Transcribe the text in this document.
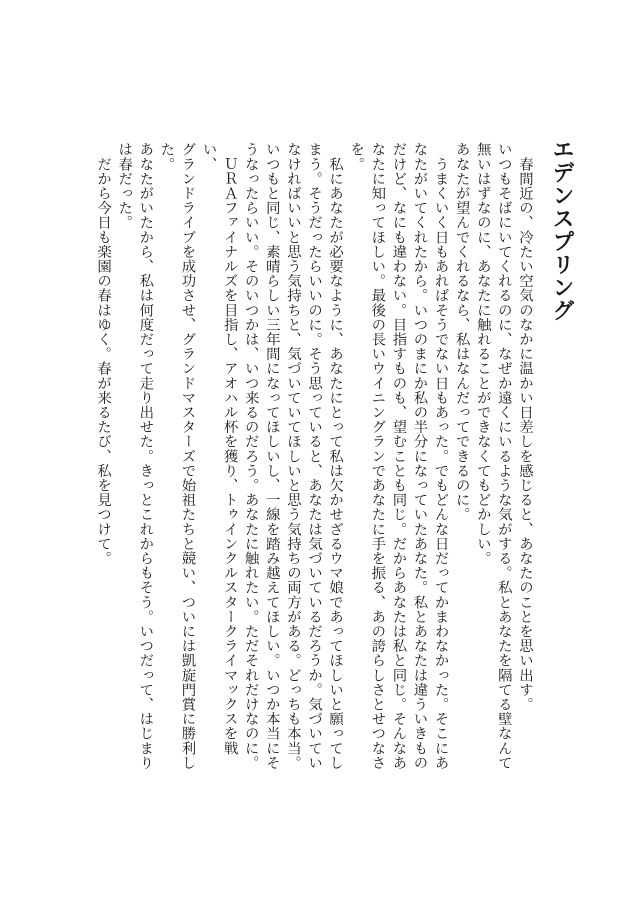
エデンスプリング
　春間近の、冷たい空気のなかに温かい日差しを感じると、あなたのことを思い出す。
いつもそばにいてくれるのに、なぜか遠くにいるような気がする。私とあなたを隔てる壁なんて
無いはずなのに、あなたに触れることができなくてもどかしい。
あなたが望んでくれるなら、私はなんだってできるのに。
　うまくいく日もあればそうでない日もあった。でもどんな日だってかまわなかった。そこにあ
なたがいてくれたから。いつのまにか私の半分になっていたあなた。私とあなたは違ういきもの
だけど、なにも違わない。目指すものも、望むことも同じ。だからあなたは私と同じ。そんなあ
なたに知ってほしい。最後の長いウイニングランであなたに手を振る、あの誇らしさとせつなさを。
　私にあなたが必要なように、あなたにとって私は欠かせざるウマ娘であってほしいと願ってし
まう。そうだったらいいのに。そう思っていると、あなたは気づいているだろうか。気づいてい
なければいいと思う気持ちと、気づいていてほしいと思う気持ちの両方がある。どっちも本当。
いつもと同じ、素晴らしい三年間になってほしいし、一線を踏み越えてほしい。いつか本当にそ
うなったらいい。そのいつかは、いつ来るのだろう。あなたに触れたい。ただそれだけなのに。
　ＵＲＡファイナルズを目指し、アオハル杯を獲り、トゥインクルスタークライマックスを戦い、
グランドライブを成功させ、グランドマスターズで始祖たちと競い、ついには凱旋門賞に勝利した。
あなたがいたから、私は何度だって走り出せた。きっとこれからもそう。いつだって、はじまり
は春だった。
　だから今日も楽園の春はゆく。春が来るたび、私を見つけて。
